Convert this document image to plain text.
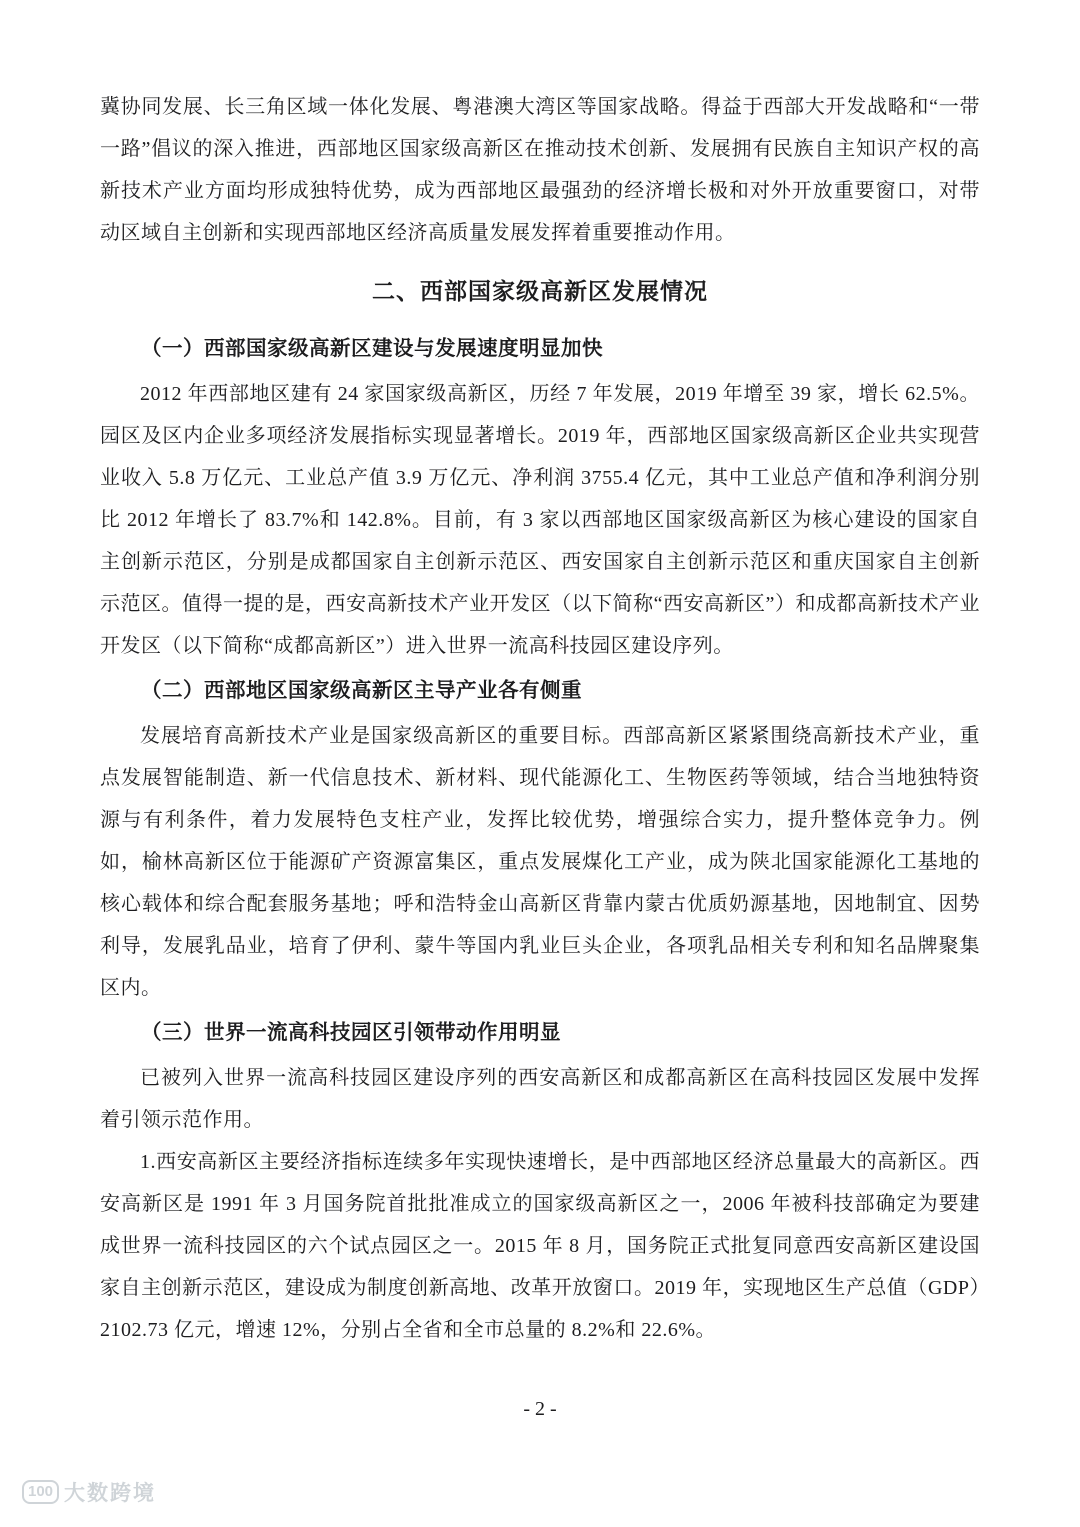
冀协同发展、长三角区域一体化发展、粤港澳大湾区等国家战略。得益于西部大开发战略和“一带一路”倡议的深入推进，西部地区国家级高新区在推动技术创新、发展拥有民族自主知识产权的高新技术产业方面均形成独特优势，成为西部地区最强劲的经济增长极和对外开放重要窗口，对带动区域自主创新和实现西部地区经济高质量发展发挥着重要推动作用。

二、西部国家级高新区发展情况
（一）西部国家级高新区建设与发展速度明显加快

2012 年西部地区建有 24 家国家级高新区，历经 7 年发展，2019 年增至 39 家，增长 62.5%。园区及区内企业多项经济发展指标实现显著增长。2019 年，西部地区国家级高新区企业共实现营业收入 5.8 万亿元、工业总产值 3.9 万亿元、净利润 3755.4 亿元，其中工业总产值和净利润分别比 2012 年增长了 83.7%和 142.8%。目前，有 3 家以西部地区国家级高新区为核心建设的国家自主创新示范区，分别是成都国家自主创新示范区、西安国家自主创新示范区和重庆国家自主创新示范区。值得一提的是，西安高新技术产业开发区（以下简称“西安高新区”）和成都高新技术产业开发区（以下简称“成都高新区”）进入世界一流高科技园区建设序列。

（二）西部地区国家级高新区主导产业各有侧重

发展培育高新技术产业是国家级高新区的重要目标。西部高新区紧紧围绕高新技术产业，重点发展智能制造、新一代信息技术、新材料、现代能源化工、生物医药等领域，结合当地独特资源与有利条件，着力发展特色支柱产业，发挥比较优势，增强综合实力，提升整体竞争力。例如，榆林高新区位于能源矿产资源富集区，重点发展煤化工产业，成为陕北国家能源化工基地的核心载体和综合配套服务基地；呼和浩特金山高新区背靠内蒙古优质奶源基地，因地制宜、因势利导，发展乳品业，培育了伊利、蒙牛等国内乳业巨头企业，各项乳品相关专利和知名品牌聚集区内。

（三）世界一流高科技园区引领带动作用明显

已被列入世界一流高科技园区建设序列的西安高新区和成都高新区在高科技园区发展中发挥着引领示范作用。

1.西安高新区主要经济指标连续多年实现快速增长，是中西部地区经济总量最大的高新区。西安高新区是 1991 年 3 月国务院首批批准成立的国家级高新区之一，2006 年被科技部确定为要建成世界一流科技园区的六个试点园区之一。2015 年 8 月，国务院正式批复同意西安高新区建设国家自主创新示范区，建设成为制度创新高地、改革开放窗口。2019 年，实现地区生产总值（GDP）2102.73 亿元，增速 12%，分别占全省和全市总量的 8.2%和 22.6%。

- 2 -
100 大数跨境
